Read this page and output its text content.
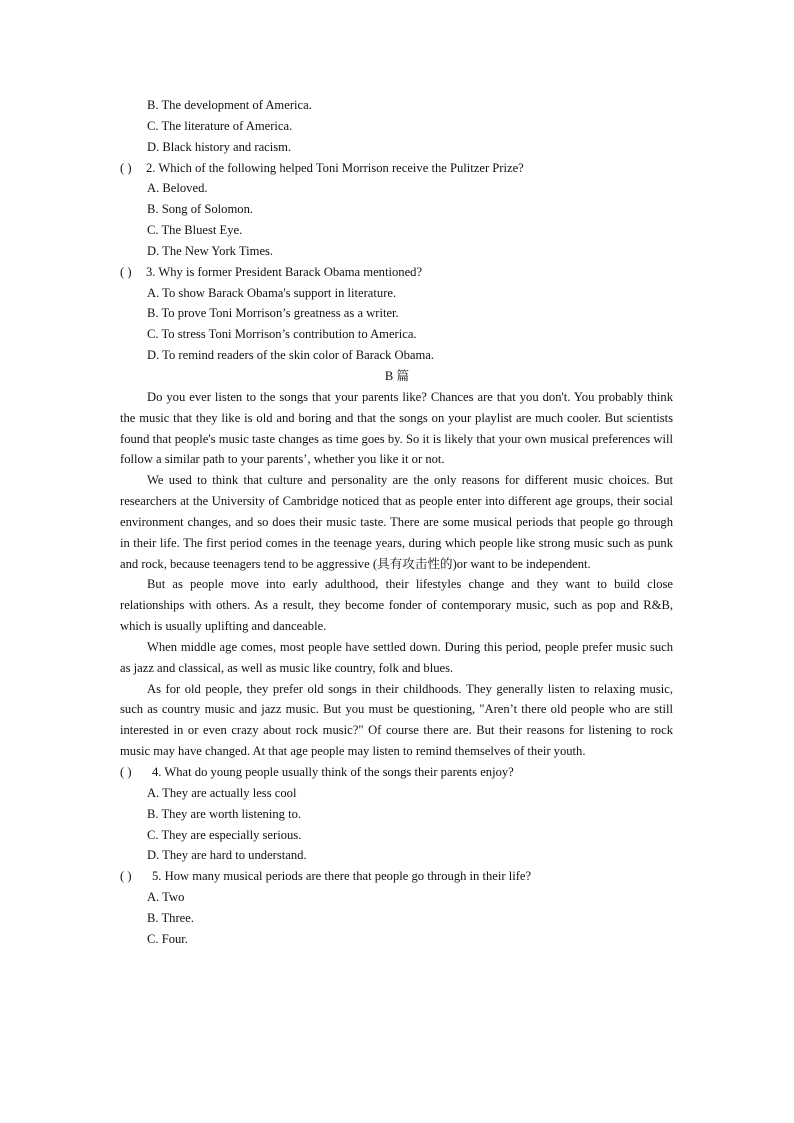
B. The development of America.
C. The literature of America.
D. Black history and racism.
( ) 2. Which of the following helped Toni Morrison receive the Pulitzer Prize?
A. Beloved.
B. Song of Solomon.
C. The Bluest Eye.
D. The New York Times.
( ) 3. Why is former President Barack Obama mentioned?
A. To show Barack Obama's support in literature.
B. To prove Toni Morrison’s greatness as a writer.
C. To stress Toni Morrison’s contribution to America.
D. To remind readers of the skin color of Barack Obama.
B 篇

Do you ever listen to the songs that your parents like? Chances are that you don't. You probably think the music that they like is old and boring and that the songs on your playlist are much cooler. But scientists found that people's music taste changes as time goes by. So it is likely that your own musical preferences will follow a similar path to your parents’, whether you like it or not.

We used to think that culture and personality are the only reasons for different music choices. But researchers at the University of Cambridge noticed that as people enter into different age groups, their social environment changes, and so does their music taste. There are some musical periods that people go through in their life. The first period comes in the teenage years, during which people like strong music such as punk and rock, because teenagers tend to be aggressive (具有攻击性的)or want to be independent.

But as people move into early adulthood, their lifestyles change and they want to build close relationships with others. As a result, they become fonder of contemporary music, such as pop and R&B, which is usually uplifting and danceable.

When middle age comes, most people have settled down. During this period, people prefer music such as jazz and classical, as well as music like country, folk and blues.

As for old people, they prefer old songs in their childhoods. They generally listen to relaxing music, such as country music and jazz music. But you must be questioning, "Aren’t there old people who are still interested in or even crazy about rock music?" Of course there are. But their reasons for listening to rock music may have changed. At that age people may listen to remind themselves of their youth.

( ) 4. What do young people usually think of the songs their parents enjoy?
A. They are actually less cool
B. They are worth listening to.
C. They are especially serious.
D. They are hard to understand.
( ) 5. How many musical periods are there that people go through in their life?
A. Two
B. Three.
C. Four.
